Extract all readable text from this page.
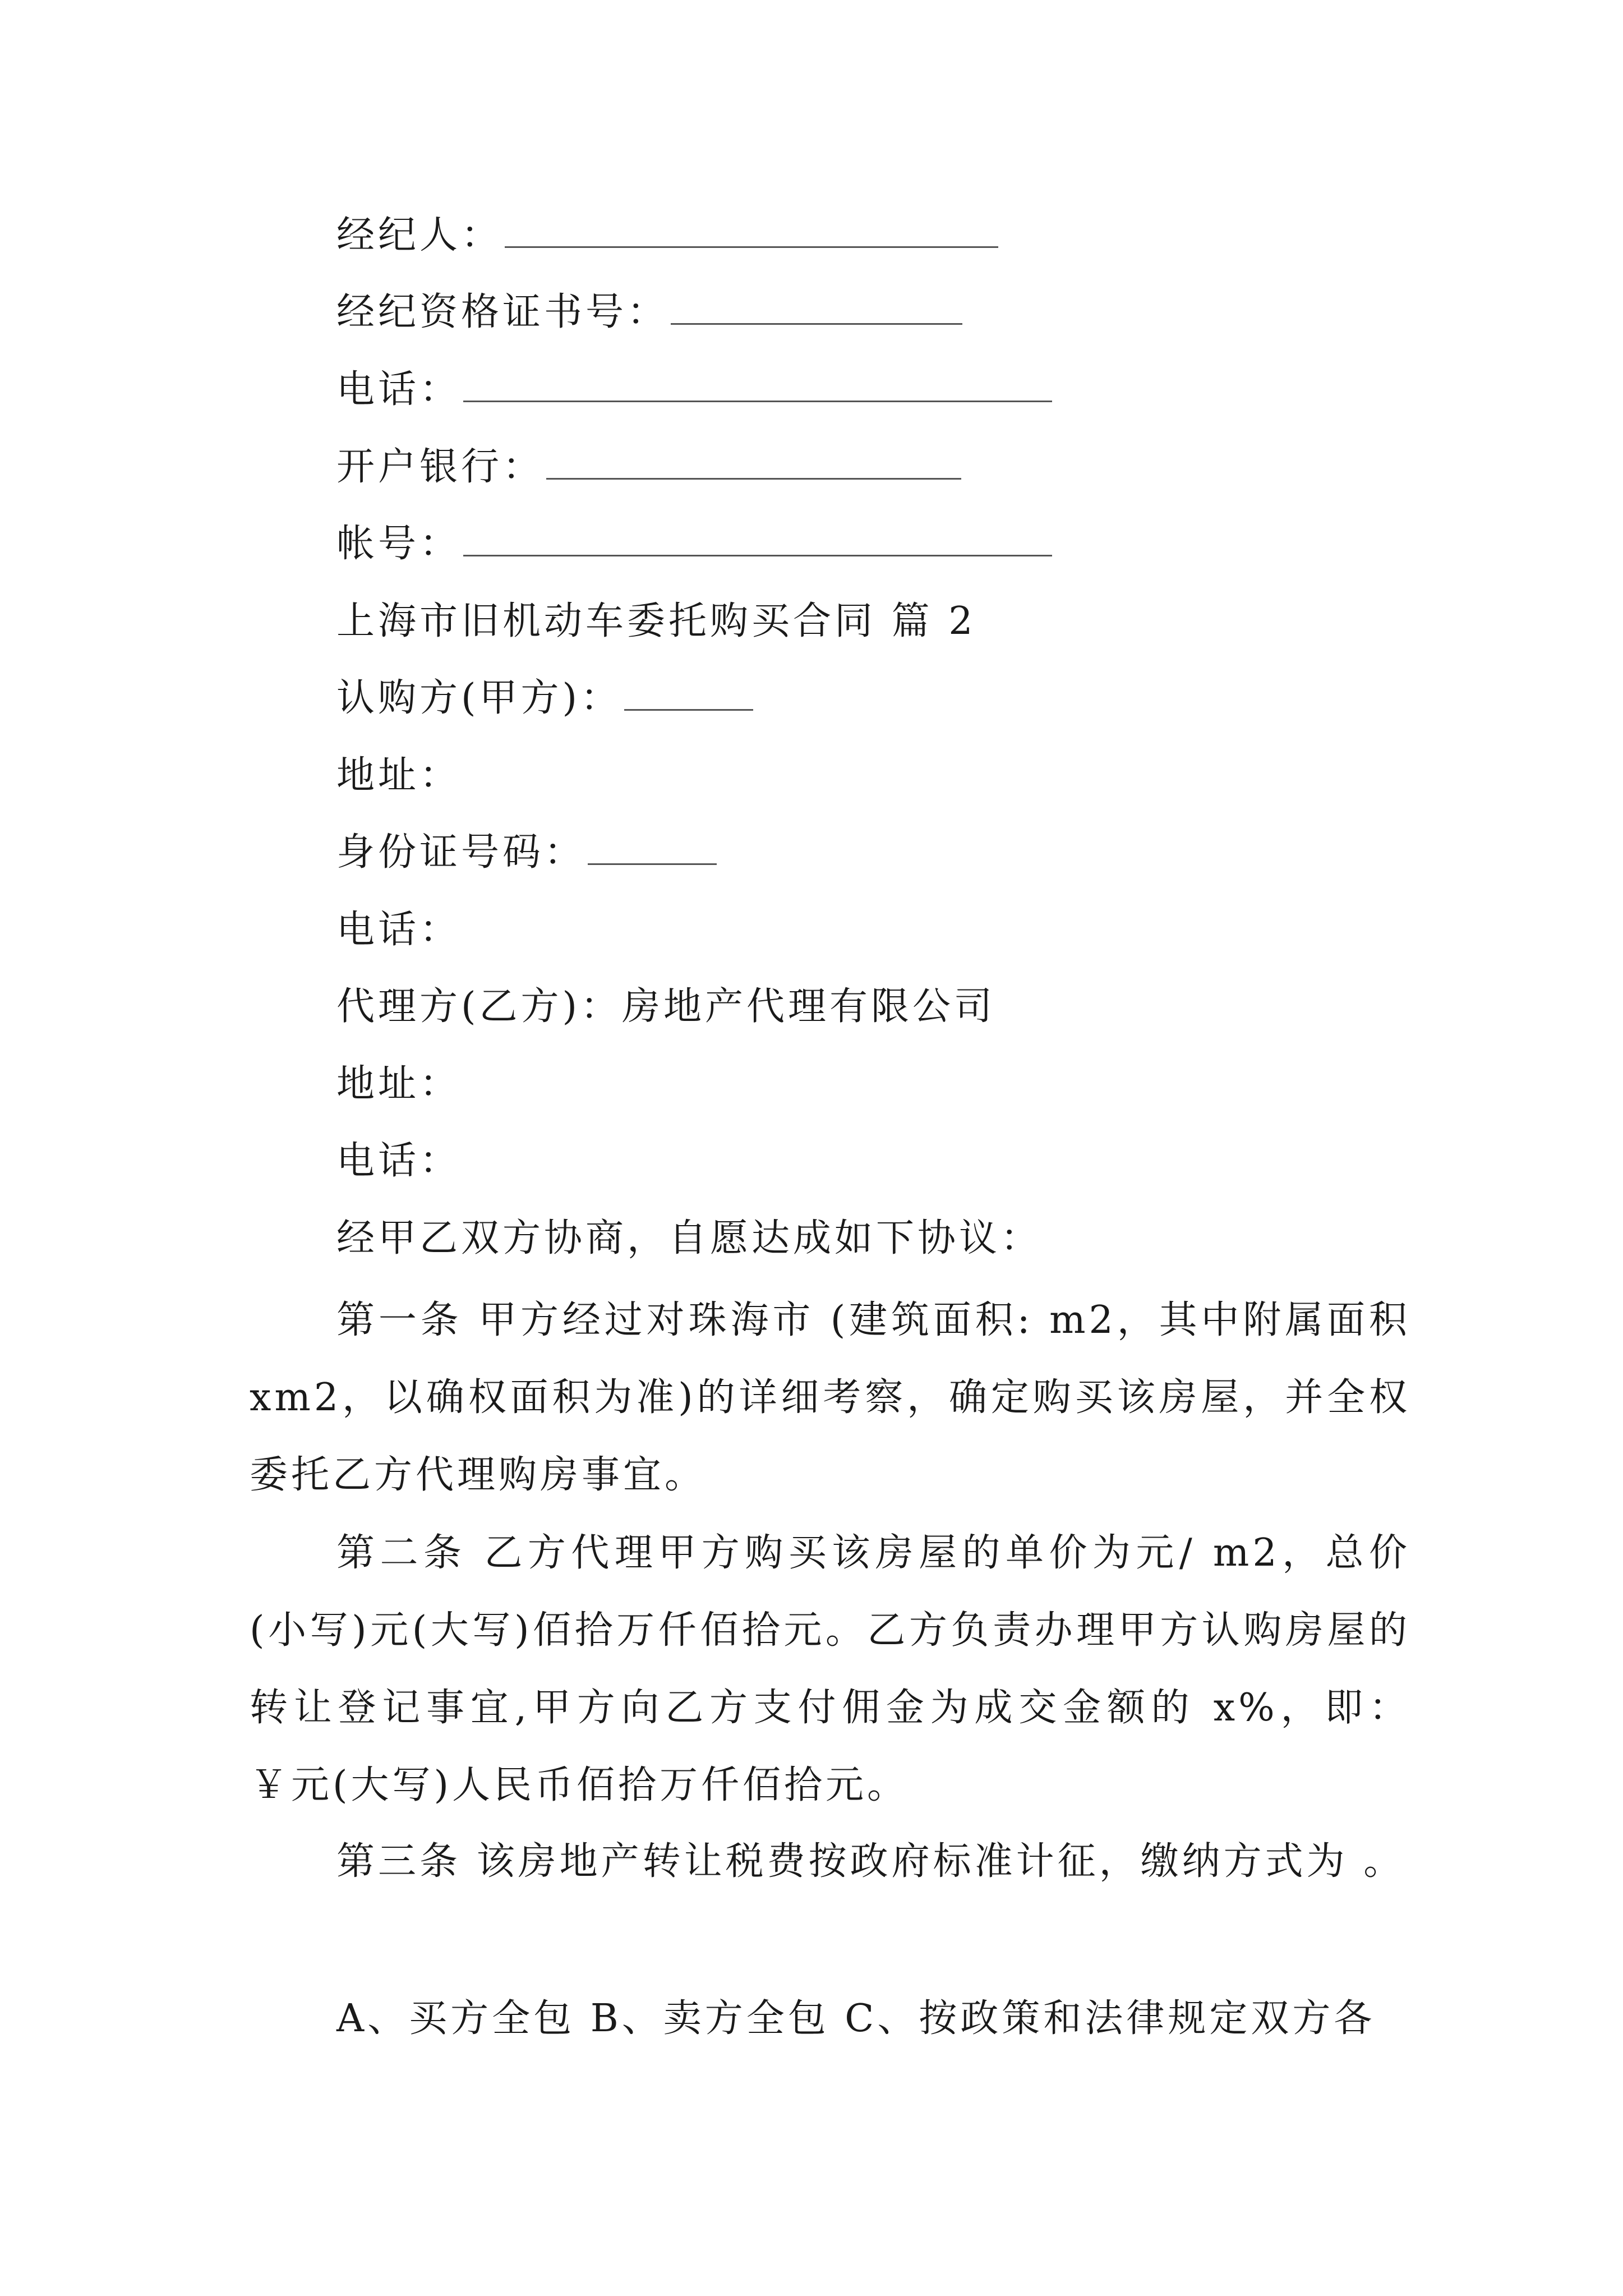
经纪人：
经纪资格证书号：
电话：
开户银行：
帐号：
上海市旧机动车委托购买合同 篇 2
认购方(甲方)：
地址：
身份证号码：
电话：
代理方(乙方)：房地产代理有限公司
地址：
电话：
经甲乙双方协商，自愿达成如下协议：

第一条 甲方经过对珠海市 (建筑面积: m2，其中附属面积 xm2，以确权面积为准)的详细考察，确定购买该房屋，并全权委托乙方代理购房事宜。

第二条 乙方代理甲方购买该房屋的单价为元/ m2，总价(小写)元(大写)佰拾万仟佰拾元。乙方负责办理甲方认购房屋的转让登记事宜,甲方向乙方支付佣金为成交金额的 x%，即：￥元(大写)人民币佰拾万仟佰拾元。

第三条 该房地产转让税费按政府标准计征，缴纳方式为 。

A、买方全包 B、卖方全包 C、按政策和法律规定双方各
